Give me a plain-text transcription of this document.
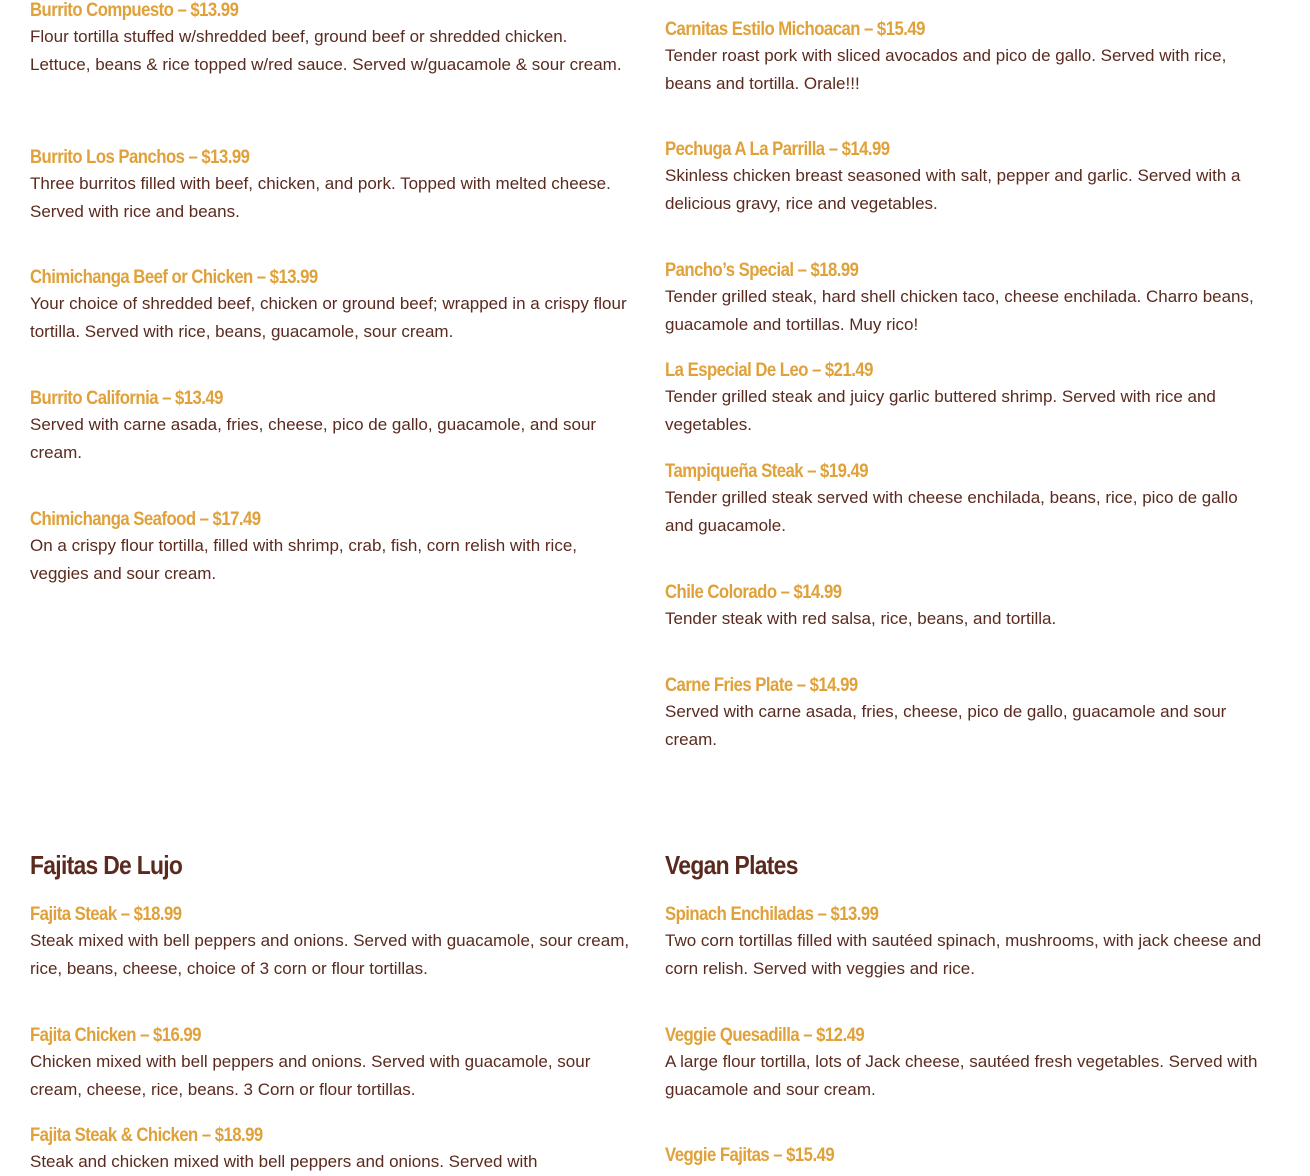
Burrito Compuesto – $13.99

Flour tortilla stuffed w/shredded beef, ground beef or shredded chicken. Lettuce, beans & rice topped w/red sauce. Served w/guacamole & sour cream.

Burrito Los Panchos – $13.99

Three burritos filled with beef, chicken, and pork. Topped with melted cheese. Served with rice and beans.

Chimichanga Beef or Chicken – $13.99

Your choice of shredded beef, chicken or ground beef; wrapped in a crispy flour tortilla. Served with rice, beans, guacamole, sour cream.

Burrito California – $13.49

Served with carne asada, fries, cheese, pico de gallo, guacamole, and sour cream.

Chimichanga Seafood – $17.49

On a crispy flour tortilla, filled with shrimp, crab, fish, corn relish with rice, veggies and sour cream.

Carnitas Estilo Michoacan – $15.49

Tender roast pork with sliced avocados and pico de gallo. Served with rice, beans and tortilla. Orale!!!

Pechuga A La Parrilla – $14.99

Skinless chicken breast seasoned with salt, pepper and garlic. Served with a delicious gravy, rice and vegetables.

Pancho’s Special – $18.99

Tender grilled steak, hard shell chicken taco, cheese enchilada. Charro beans, guacamole and tortillas. Muy rico!

La Especial De Leo – $21.49

Tender grilled steak and juicy garlic buttered shrimp. Served with rice and vegetables.

Tampiqueña Steak – $19.49

Tender grilled steak served with cheese enchilada, beans, rice, pico de gallo and guacamole.

Chile Colorado – $14.99

Tender steak with red salsa, rice, beans, and tortilla.

Carne Fries Plate – $14.99

Served with carne asada, fries, cheese, pico de gallo, guacamole and sour cream.

Fajitas De Lujo
Fajita Steak – $18.99

Steak mixed with bell peppers and onions. Served with guacamole, sour cream, rice, beans, cheese, choice of 3 corn or flour tortillas.

Fajita Chicken – $16.99

Chicken mixed with bell peppers and onions. Served with guacamole, sour cream, cheese, rice, beans. 3 Corn or flour tortillas.

Fajita Steak & Chicken – $18.99

Steak and chicken mixed with bell peppers and onions. Served with

Vegan Plates
Spinach Enchiladas – $13.99

Two corn tortillas filled with sautéed spinach, mushrooms, with jack cheese and corn relish. Served with veggies and rice.

Veggie Quesadilla – $12.49

A large flour tortilla, lots of Jack cheese, sautéed fresh vegetables. Served with guacamole and sour cream.

Veggie Fajitas – $15.49
